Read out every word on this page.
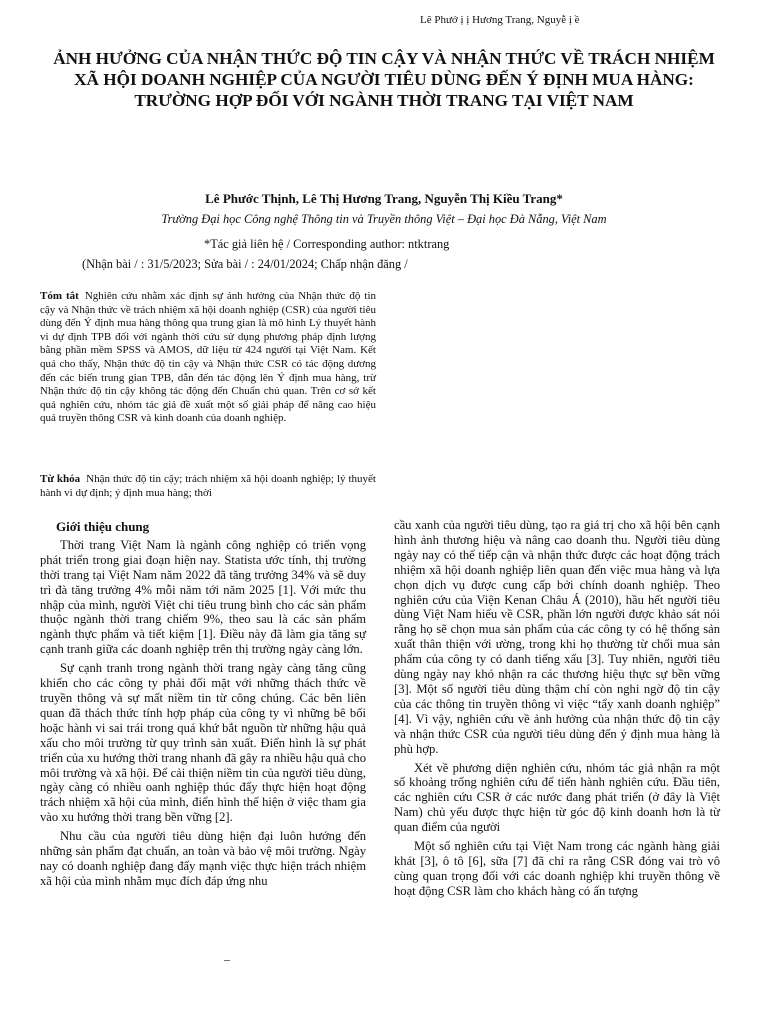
Lê Phướ ị ị Hương Trang, Nguyễ ị ề
ẢNH HƯỞNG CỦA NHẬN THỨC ĐỘ TIN CẬY VÀ NHẬN THỨC VỀ TRÁCH NHIỆM XÃ HỘI DOANH NGHIỆP CỦA NGƯỜI TIÊU DÙNG ĐẾN Ý ĐỊNH MUA HÀNG: TRƯỜNG HỢP ĐỐI VỚI NGÀNH THỜI TRANG TẠI VIỆT NAM
Lê Phước Thịnh, Lê Thị Hương Trang, Nguyễn Thị Kiều Trang*
Trường Đại học Công nghệ Thông tin và Truyền thông Việt – Đại học Đà Nẵng, Việt Nam
*Tác giả liên hệ / Corresponding author: ntktrang
(Nhận bài / : 31/5/2023; Sửa bài / : 24/01/2024; Chấp nhận đăng /
Tóm tắt Nghiên cứu nhằm xác định sự ảnh hưởng của Nhận thức độ tin cậy và Nhận thức về trách nhiệm xã hội doanh nghiệp (CSR) của người tiêu dùng đến Ý định mua hàng thông qua trung gian là mô hình Lý thuyết hành vi dự định TPB đối với ngành thời cứu sử dụng phương pháp định lượng bằng phần mềm SPSS và AMOS, dữ liệu từ 424 người tại Việt Nam. Kết quả cho thấy, Nhận thức độ tin cậy và Nhận thức CSR có tác động dương đến các biến trung gian TPB, dẫn đến tác động lên Ý định mua hàng, trừ Nhận thức độ tin cậy không tác động đến Chuẩn chủ quan. Trên cơ sở kết quả nghiên cứu, nhóm tác giả đề xuất một số giải pháp để nâng cao hiệu quả truyền thông CSR và kinh doanh của doanh nghiệp.
Từ khóa Nhận thức độ tin cậy; trách nhiệm xã hội doanh nghiệp; lý thuyết hành vi dự định; ý định mua hàng; thời
Giới thiệu chung

Thời trang Việt Nam là ngành công nghiệp có triển vọng phát triển trong giai đoạn hiện nay. Statista ước tính, thị trường thời trang tại Việt Nam năm 2022 đã tăng trưởng 34% và sẽ duy trì đà tăng trưởng 4% mỗi năm tới năm 2025 [1]. Với mức thu nhập của mình, người Việt chi tiêu trung bình cho các sản phẩm thuộc ngành thời trang chiếm 9%, theo sau là các sản phẩm ngành thực phẩm và tiết kiệm [1]. Điều này đã làm gia tăng sự cạnh tranh giữa các doanh nghiệp trên thị trường ngày càng lớn.

Sự cạnh tranh trong ngành thời trang ngày càng tăng cũng khiến cho các công ty phải đối mặt với những thách thức về truyền thông và sự mất niềm tin từ công chúng. Các bên liên quan đã thách thức tính hợp pháp của công ty vì những bê bối hoặc hành vi sai trái trong quá khứ bắt nguồn từ những hậu quả xấu cho môi trường từ quy trình sản xuất. Điển hình là sự phát triển của xu hướng thời trang nhanh đã gây ra nhiều hậu quả cho môi trường và xã hội. Để cải thiện niềm tin của người tiêu dùng, ngày càng có nhiều oanh nghiệp thúc đẩy thực hiện hoạt động trách nhiệm xã hội của mình, điển hình thể hiện ở việc tham gia vào xu hướng thời trang bền vững [2].

Nhu cầu của người tiêu dùng hiện đại luôn hướng đến những sản phẩm đạt chuẩn, an toàn và bảo vệ môi trường. Ngày nay có doanh nghiệp đang đẩy mạnh việc thực hiện trách nhiệm xã hội của mình nhằm mục đích đáp ứng nhu

cầu xanh của người tiêu dùng, tạo ra giá trị cho xã hội bên cạnh hình ảnh thương hiệu và nâng cao doanh thu. Người tiêu dùng ngày nay có thể tiếp cận và nhận thức được các hoạt động trách nhiệm xã hội doanh nghiệp liên quan đến việc mua hàng và lựa chọn dịch vụ được cung cấp bởi chính doanh nghiệp. Theo nghiên cứu của Viện Kenan Châu Á (2010), hầu hết người tiêu dùng Việt Nam hiểu về CSR, phần lớn người được khảo sát nói rằng họ sẽ chọn mua sản phẩm của các công ty có hệ thống sản xuất thân thiện với ường, trong khi họ thường từ chối mua sản phẩm của công ty có danh tiếng xấu [3]. Tuy nhiên, người tiêu dùng ngày nay khó nhận ra các thương hiệu thực sự bền vững [3]. Một số người tiêu dùng thậm chí còn nghi ngờ độ tin cậy của các thông tin truyền thông vì việc “tẩy xanh doanh nghiệp” [4]. Vì vậy, nghiên cứu về ảnh hưởng của nhận thức độ tin cậy và nhận thức CSR của người tiêu dùng đến ý định mua hàng là phù hợp.

Xét về phương diện nghiên cứu, nhóm tác giả nhận ra một số khoảng trống nghiên cứu để tiến hành nghiên cứu. Đầu tiên, các nghiên cứu CSR ở các nước đang phát triển (ở đây là Việt Nam) chủ yếu được thực hiện từ góc độ kinh doanh hơn là từ quan điểm của người

Một số nghiên cứu tại Việt Nam trong các ngành hàng giải khát [3], ô tô [6], sữa [7] đã chỉ ra rằng CSR đóng vai trò vô cùng quan trọng đối với các doanh nghiệp khi truyền thông về hoạt động CSR làm cho khách hàng có ấn tượng

–
